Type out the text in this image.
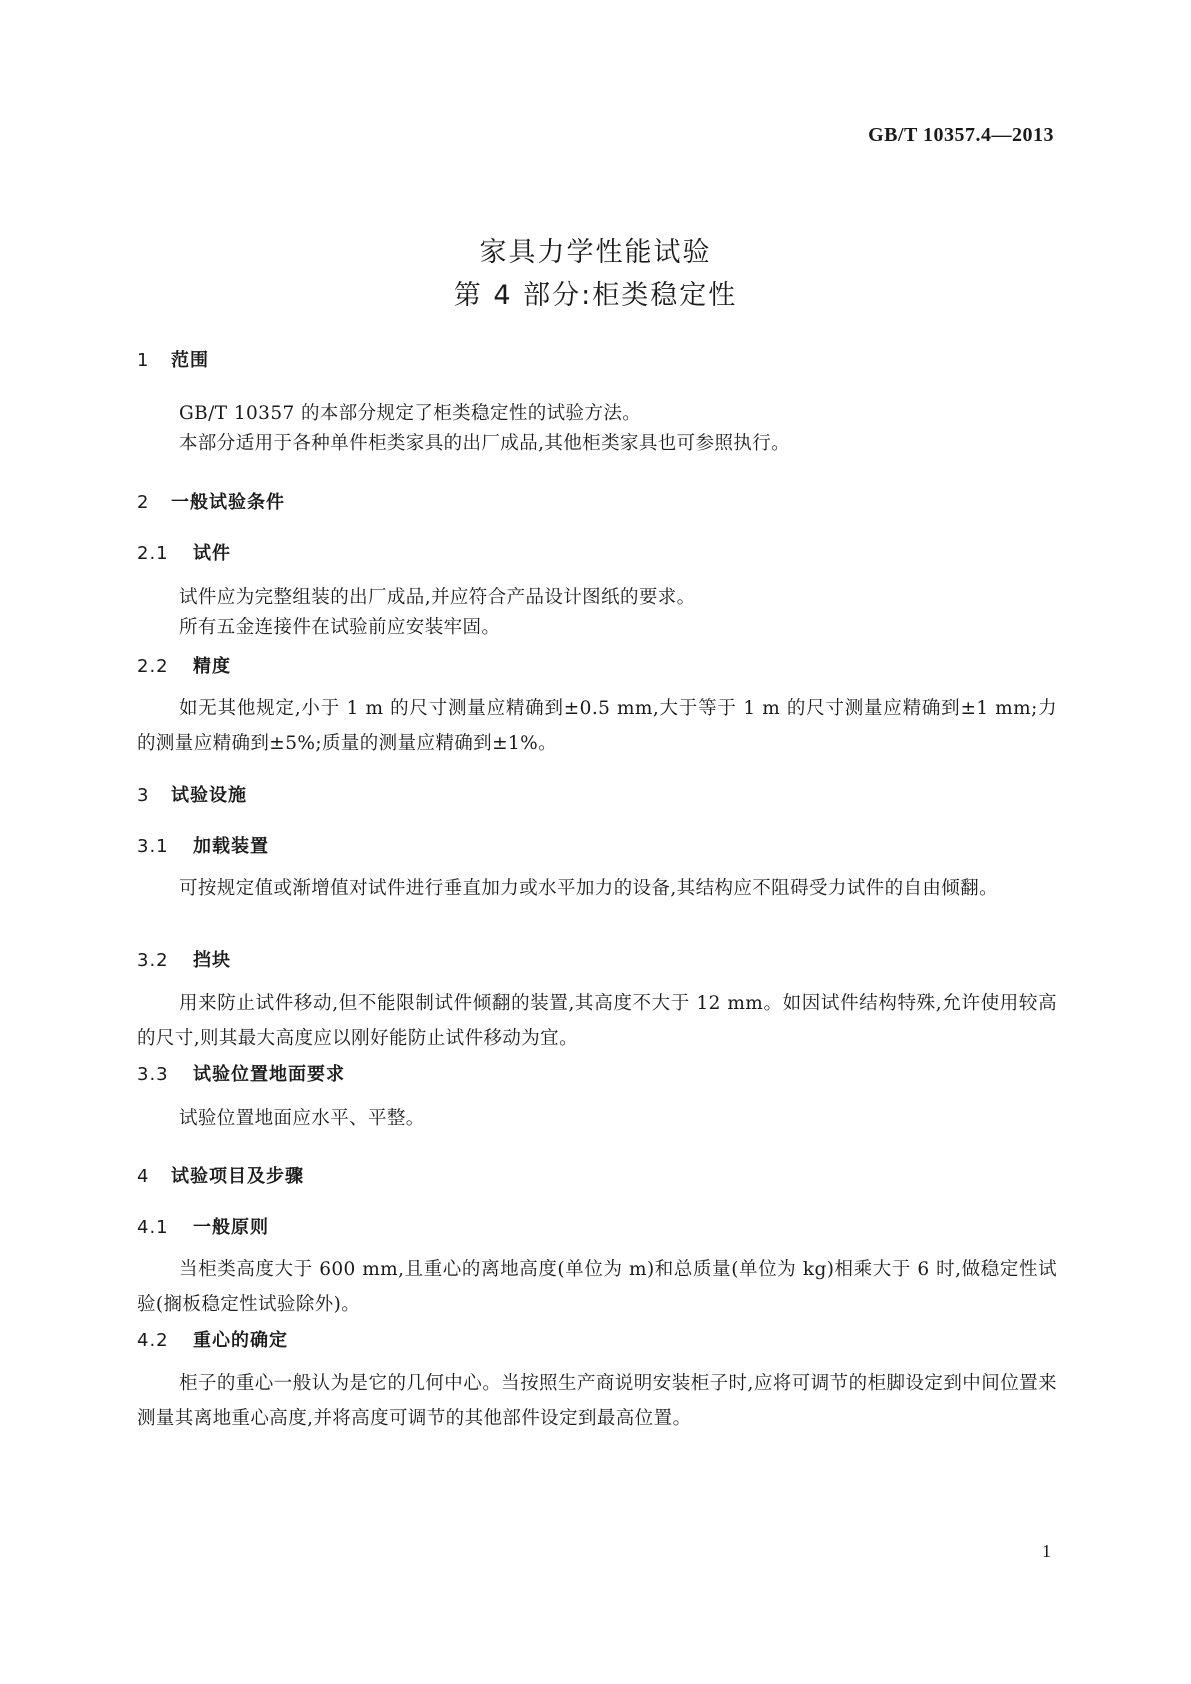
GB/T 10357.4—2013
家具力学性能试验
第 4 部分:柜类稳定性
1 范围
GB/T 10357 的本部分规定了柜类稳定性的试验方法。
本部分适用于各种单件柜类家具的出厂成品,其他柜类家具也可参照执行。
2 一般试验条件
2.1 试件
试件应为完整组装的出厂成品,并应符合产品设计图纸的要求。
所有五金连接件在试验前应安装牢固。
2.2 精度
如无其他规定,小于 1 m 的尺寸测量应精确到±0.5 mm,大于等于 1 m 的尺寸测量应精确到±1 mm;力的测量应精确到±5%;质量的测量应精确到±1%。
3 试验设施
3.1 加载装置
可按规定值或渐增值对试件进行垂直加力或水平加力的设备,其结构应不阻碍受力试件的自由倾翻。
3.2 挡块
用来防止试件移动,但不能限制试件倾翻的装置,其高度不大于 12 mm。如因试件结构特殊,允许使用较高的尺寸,则其最大高度应以刚好能防止试件移动为宜。
3.3 试验位置地面要求
试验位置地面应水平、平整。
4 试验项目及步骤
4.1 一般原则
当柜类高度大于 600 mm,且重心的离地高度(单位为 m)和总质量(单位为 kg)相乘大于 6 时,做稳定性试验(搁板稳定性试验除外)。
4.2 重心的确定
柜子的重心一般认为是它的几何中心。当按照生产商说明安装柜子时,应将可调节的柜脚设定到中间位置来测量其离地重心高度,并将高度可调节的其他部件设定到最高位置。
1
